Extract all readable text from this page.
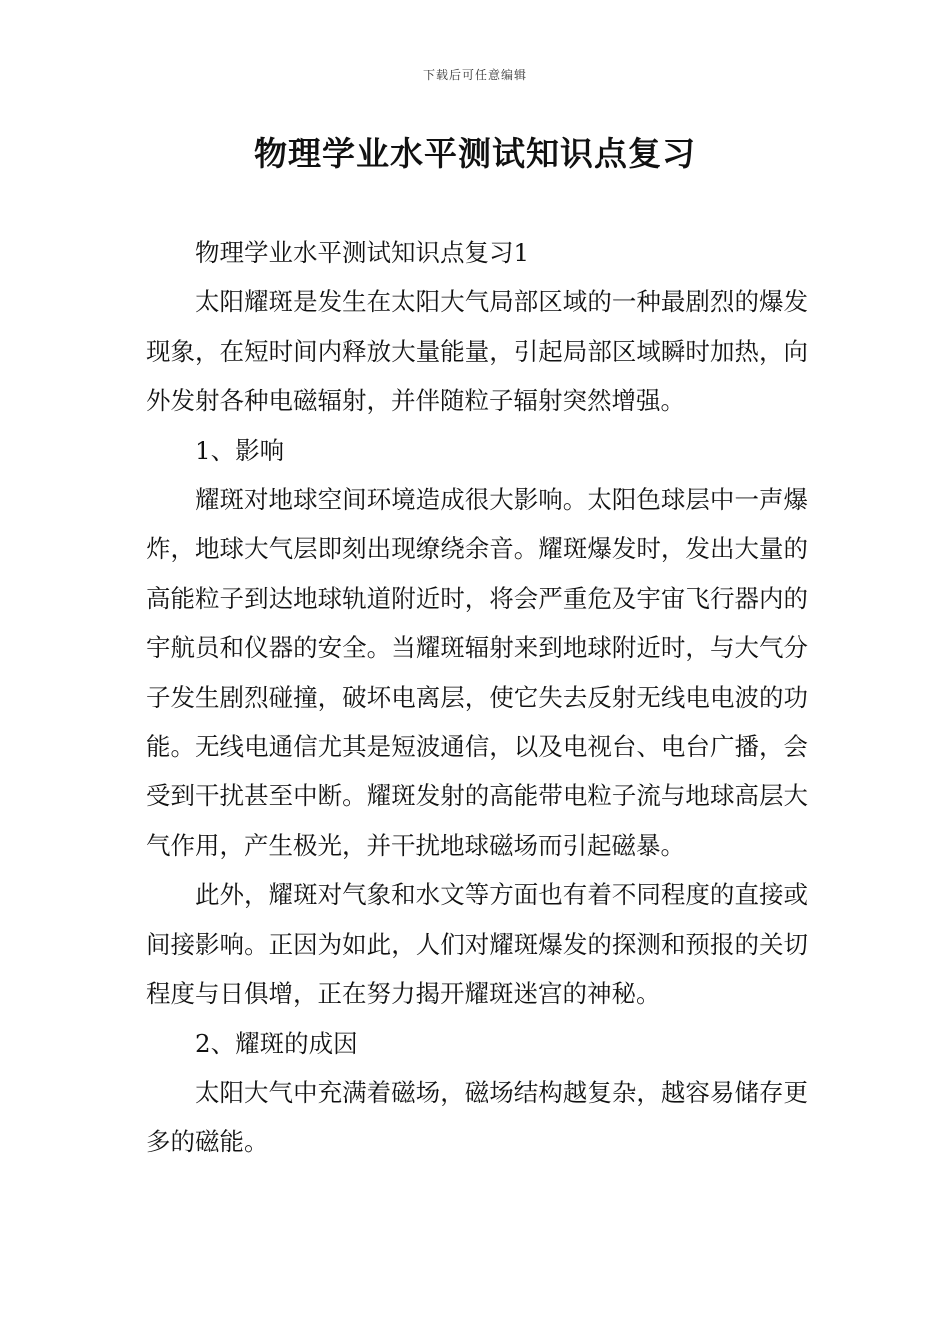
下载后可任意编辑
物理学业水平测试知识点复习

物理学业水平测试知识点复习1

太阳耀斑是发生在太阳大气局部区域的一种最剧烈的爆发现象，在短时间内释放大量能量，引起局部区域瞬时加热，向外发射各种电磁辐射，并伴随粒子辐射突然增强。

1、影响

耀斑对地球空间环境造成很大影响。太阳色球层中一声爆炸，地球大气层即刻出现缭绕余音。耀斑爆发时，发出大量的高能粒子到达地球轨道附近时，将会严重危及宇宙飞行器内的宇航员和仪器的安全。当耀斑辐射来到地球附近时，与大气分子发生剧烈碰撞，破坏电离层，使它失去反射无线电电波的功能。无线电通信尤其是短波通信，以及电视台、电台广播，会受到干扰甚至中断。耀斑发射的高能带电粒子流与地球高层大气作用，产生极光，并干扰地球磁场而引起磁暴。

此外，耀斑对气象和水文等方面也有着不同程度的直接或间接影响。正因为如此，人们对耀斑爆发的探测和预报的关切程度与日俱增，正在努力揭开耀斑迷宫的神秘。

2、耀斑的成因

太阳大气中充满着磁场，磁场结构越复杂，越容易储存更多的磁能。
